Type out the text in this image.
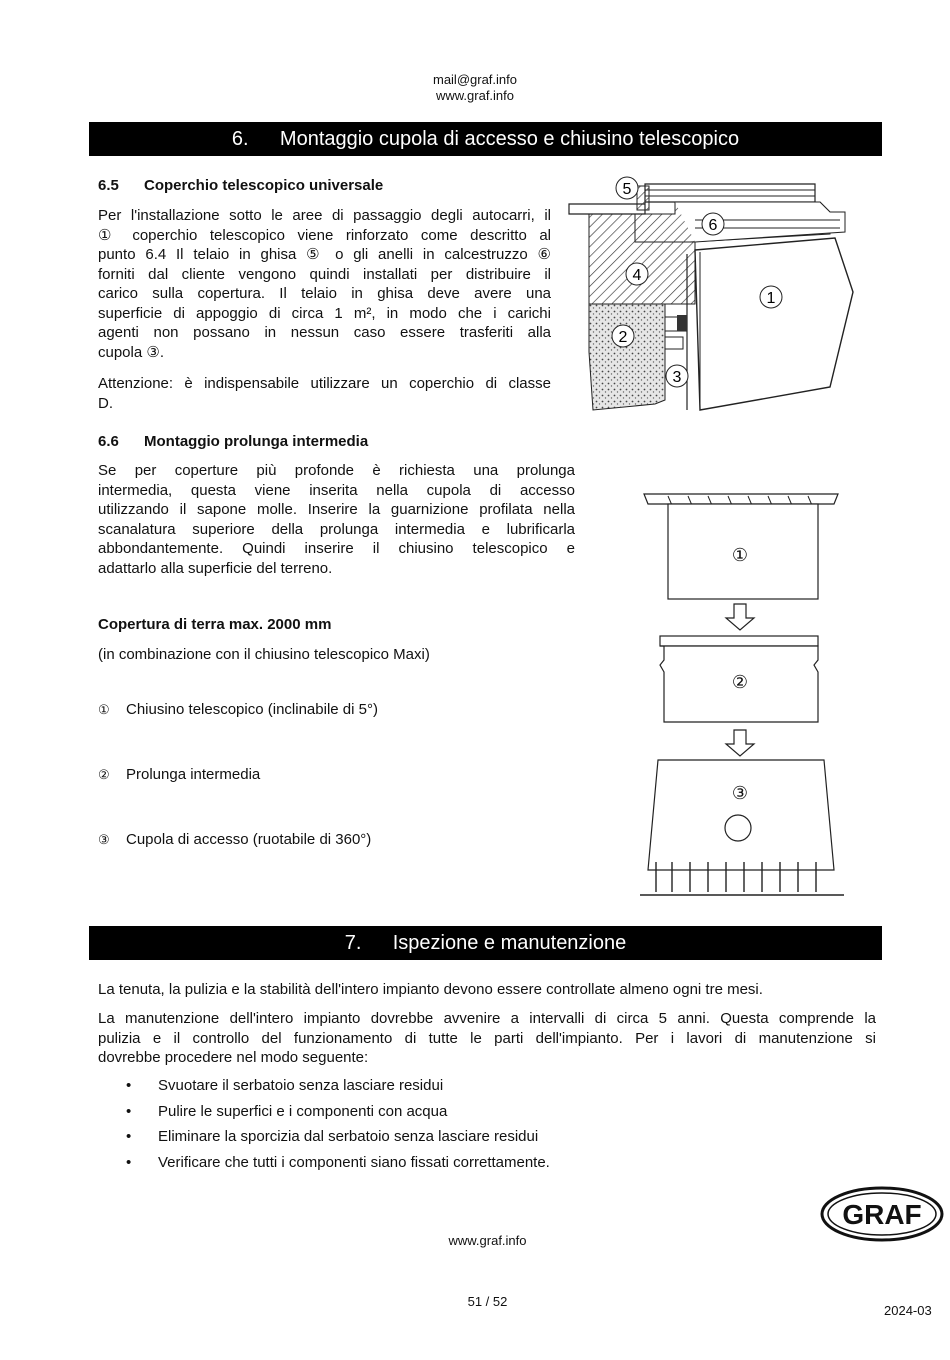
mail@graf.info
www.graf.info
6.	Montaggio cupola di accesso e chiusino telescopico
6.5 Coperchio telescopico universale
Per l'installazione sotto le aree di passaggio degli autocarri, il
① coperchio telescopico viene rinforzato come descritto al
punto 6.4 Il telaio in ghisa ⑤ o gli anelli in calcestruzzo ⑥
forniti dal cliente vengono quindi installati per distribuire il
carico sulla copertura. Il telaio in ghisa deve avere una
superficie di appoggio di circa 1 m², in modo che i carichi
agenti non possano in nessun caso essere trasferiti alla
cupola ③.
Attenzione: è indispensabile utilizzare un coperchio di classe
D.
6.6 Montaggio prolunga intermedia
Se per coperture più profonde è richiesta una prolunga
intermedia, questa viene inserita nella cupola di accesso
utilizzando il sapone molle. Inserire la guarnizione profilata nella
scanalatura superiore della prolunga intermedia e lubrificarla
abbondantemente. Quindi inserire il chiusino telescopico e
adattarlo alla superficie del terreno.
Copertura di terra max. 2000 mm
(in combinazione con il chiusino telescopico Maxi)
① Chiusino telescopico (inclinabile di 5°)
② Prolunga intermedia
③ Cupola di accesso (ruotabile di 360°)
5
6
4
1
2
3
①
②
③
7.	Ispezione e manutenzione
La tenuta, la pulizia e la stabilità dell'intero impianto devono essere controllate almeno ogni tre mesi.
La manutenzione dell'intero impianto dovrebbe avvenire a intervalli di circa 5 anni. Questa comprende la
pulizia e il controllo del funzionamento di tutte le parti dell'impianto. Per i lavori di manutenzione si
dovrebbe procedere nel modo seguente:
• Svuotare il serbatoio senza lasciare residui
• Pulire le superfici e i componenti con acqua
• Eliminare la sporcizia dal serbatoio senza lasciare residui
• Verificare che tutti i componenti siano fissati correttamente.
GRAF
www.graf.info
51 / 52
2024-03
